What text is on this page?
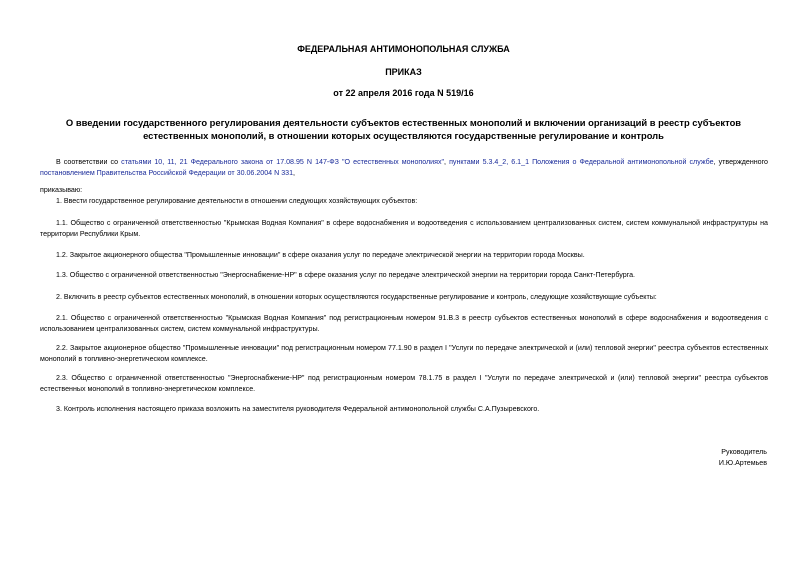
ФЕДЕРАЛЬНАЯ АНТИМОНОПОЛЬНАЯ СЛУЖБА
ПРИКАЗ
от 22 апреля 2016 года N 519/16
О введении государственного регулирования деятельности субъектов естественных монополий и включении организаций в реестр субъектов естественных монополий, в отношении которых осуществляются государственные регулирование и контроль
В соответствии со статьями 10, 11, 21 Федерального закона от 17.08.95 N 147-ФЗ "О естественных монополиях", пунктами 5.3.4_2, 6.1_1 Положения о Федеральной антимонопольной службе, утвержденного постановлением Правительства Российской Федерации от 30.06.2004 N 331,
приказываю:
1. Ввести государственное регулирование деятельности в отношении следующих хозяйствующих субъектов:
1.1. Общество с ограниченной ответственностью "Крымская Водная Компания" в сфере водоснабжения и водоотведения с использованием централизованных систем, систем коммунальной инфраструктуры на территории Республики Крым.
1.2. Закрытое акционерного общества "Промышленные инновации" в сфере оказания услуг по передаче электрической энергии на территории города Москвы.
1.3. Общество с ограниченной ответственностью "Энергоснабжение-НР" в сфере оказания услуг по передаче электрической энергии на территории города Санкт-Петербурга.
2. Включить в реестр субъектов естественных монополий, в отношении которых осуществляются государственные регулирование и контроль, следующие хозяйствующие субъекты:
2.1. Общество с ограниченной ответственностью "Крымская Водная Компания" под регистрационным номером 91.В.3 в реестр субъектов естественных монополий в сфере водоснабжения и водоотведения с использованием централизованных систем, систем коммунальной инфраструктуры.
2.2. Закрытое акционерное общество "Промышленные инновации" под регистрационным номером 77.1.90 в раздел I "Услуги по передаче электрической и (или) тепловой энергии" реестра субъектов естественных монополий в топливно-энергетическом комплексе.
2.3. Общество с ограниченной ответственностью "Энергоснабжение-НР" под регистрационным номером 78.1.75 в раздел I "Услуги по передаче электрической и (или) тепловой энергии" реестра субъектов естественных монополий в топливно-энергетическом комплексе.
3. Контроль исполнения настоящего приказа возложить на заместителя руководителя Федеральной антимонопольной службы С.А.Пузыревского.
Руководитель
И.Ю.Артемьев
